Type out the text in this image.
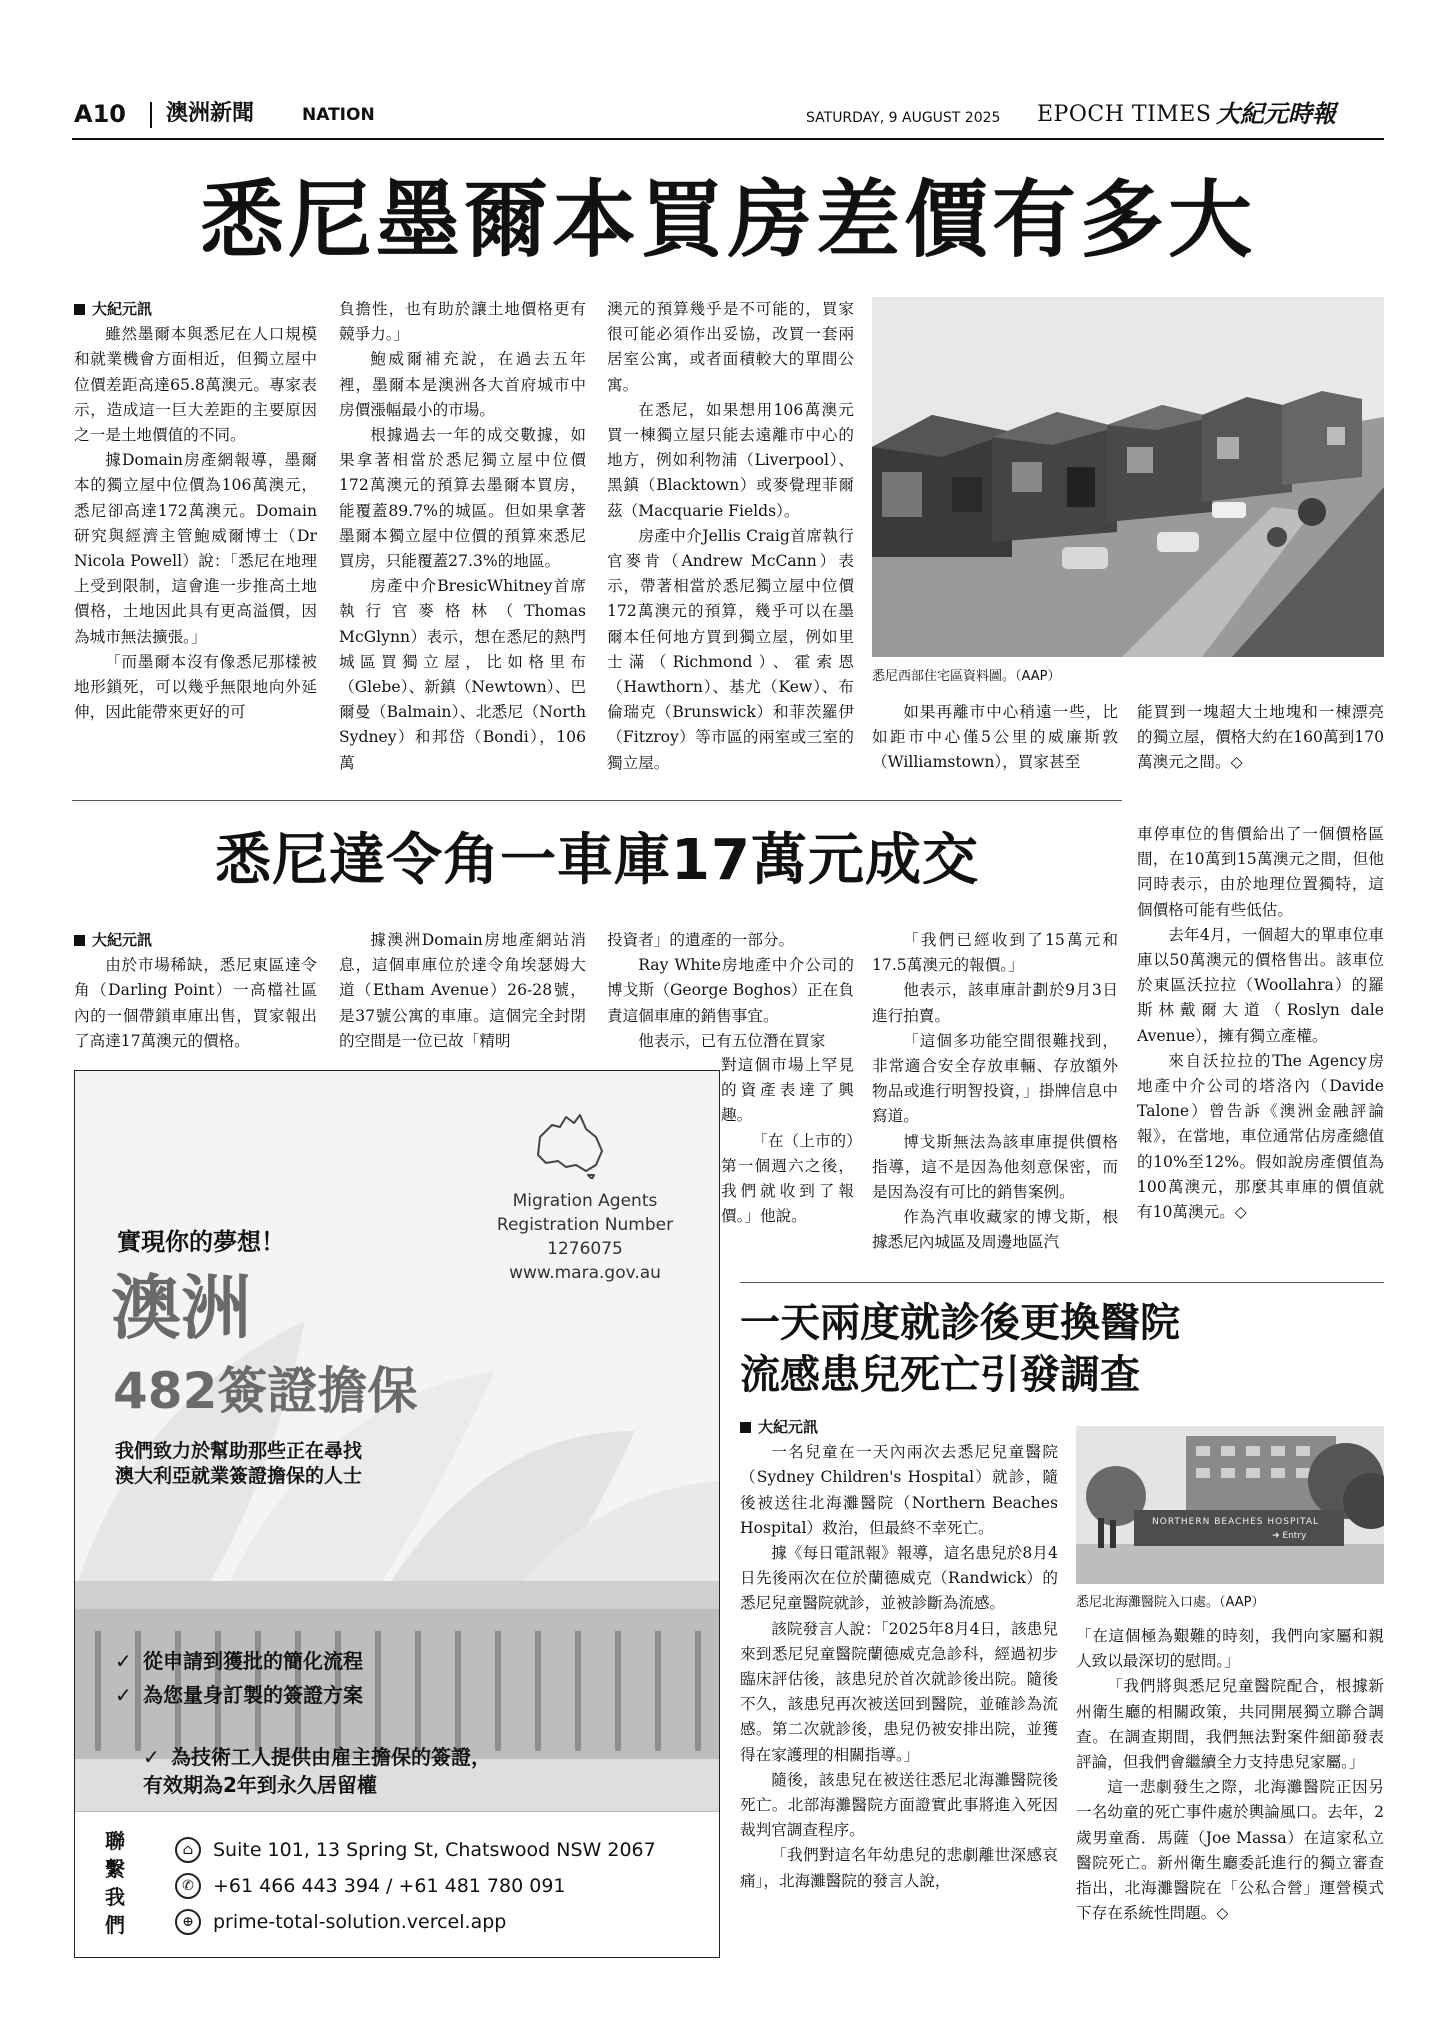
A10 澳洲新聞	NATION	SATURDAY, 9 AUGUST 2025 EPOCH TIMES 大紀元時報
悉尼墨爾本買房差價有多大
大紀元訊

雖然墨爾本與悉尼在人口規模和就業機會方面相近，但獨立屋中位價差距高達65.8萬澳元。專家表示，造成這一巨大差距的主要原因之一是土地價值的不同。

據Domain房產網報導，墨爾本的獨立屋中位價為106萬澳元，悉尼卻高達172萬澳元。Domain研究與經濟主管鮑威爾博士（Dr Nicola Powell）說：「悉尼在地理上受到限制，這會進一步推高土地價格，土地因此具有更高溢價，因為城市無法擴張。」

「而墨爾本沒有像悉尼那樣被地形鎖死，可以幾乎無限地向外延伸，因此能帶來更好的可

負擔性，也有助於讓土地價格更有競爭力。」

鮑威爾補充說，在過去五年裡，墨爾本是澳洲各大首府城市中房價漲幅最小的市場。

根據過去一年的成交數據，如果拿著相當於悉尼獨立屋中位價172萬澳元的預算去墨爾本買房，能覆蓋89.7%的城區。但如果拿著墨爾本獨立屋中位價的預算來悉尼買房，只能覆蓋27.3%的地區。

房產中介BresicWhitney首席執行官麥格林（Thomas McGlynn）表示，想在悉尼的熱門城區買獨立屋，比如格里布（Glebe）、新鎮（Newtown）、巴爾曼（Balmain）、北悉尼（North Sydney）和邦岱（Bondi），106萬

澳元的預算幾乎是不可能的，買家很可能必須作出妥協，改買一套兩居室公寓，或者面積較大的單間公寓。

在悉尼，如果想用106萬澳元買一棟獨立屋只能去遠離市中心的地方，例如利物浦（Liverpool）、黑鎮（Blacktown）或麥覺理菲爾茲（Macquarie Fields）。

房產中介Jellis Craig首席執行官麥肯（Andrew McCann）表示，帶著相當於悉尼獨立屋中位價172萬澳元的預算，幾乎可以在墨爾本任何地方買到獨立屋，例如里士滿（Richmond）、霍索恩（Hawthorn）、基尤（Kew）、布倫瑞克（Brunswick）和菲茨羅伊（Fitzroy）等市區的兩室或三室的獨立屋。

悉尼西部住宅區資料圖。（AAP）

如果再離市中心稍遠一些，比如距市中心僅5公里的威廉斯敦（Williamstown），買家甚至

能買到一塊超大土地塊和一棟漂亮的獨立屋，價格大約在160萬到170萬澳元之間。◇

悉尼達令角一車庫17萬元成交
大紀元訊

由於市場稀缺，悉尼東區達令角（Darling Point）一高檔社區內的一個帶鎖車庫出售，買家報出了高達17萬澳元的價格。

據澳洲Domain房地產網站消息，這個車庫位於達令角埃瑟姆大道（Etham Avenue）26-28號，是37號公寓的車庫。這個完全封閉的空間是一位已故「精明

投資者」的遺產的一部分。

Ray White房地產中介公司的博戈斯（George Boghos）正在負責這個車庫的銷售事宜。

他表示，已有五位潛在買家

對這個市場上罕見的資產表達了興趣。

「在（上市的）第一個週六之後，我們就收到了報價。」他說。

「我們已經收到了15萬元和17.5萬澳元的報價。」

他表示，該車庫計劃於9月3日進行拍賣。

「這個多功能空間很難找到，非常適合安全存放車輛、存放額外物品或進行明智投資，」掛牌信息中寫道。

博戈斯無法為該車庫提供價格指導，這不是因為他刻意保密，而是因為沒有可比的銷售案例。

作為汽車收藏家的博戈斯，根據悉尼內城區及周邊地區汽

車停車位的售價給出了一個價格區間，在10萬到15萬澳元之間，但他同時表示，由於地理位置獨特，這個價格可能有些低估。

去年4月，一個超大的單車位車庫以50萬澳元的價格售出。該車位於東區沃拉拉（Woollahra）的羅斯林戴爾大道（Roslyn dale Avenue），擁有獨立產權。

來自沃拉拉的The Agency房地產中介公司的塔洛內（Davide Talone）曾告訴《澳洲金融評論報》，在當地，車位通常佔房產總值的10%至12%。假如說房產價值為100萬澳元，那麼其車庫的價值就有10萬澳元。◇

Migration Agents
Registration Number
1276075
www.mara.gov.au
實現你的夢想！
澳洲
482簽證擔保
我們致力於幫助那些正在尋找
澳大利亞就業簽證擔保的人士
✓ 從申請到獲批的簡化流程
✓ 為您量身訂製的簽證方案

✓ 為技術工人提供由雇主擔保的簽證，
有效期為2年到永久居留權

聯
繫
我
們
⌂	Suite 101, 13 Spring St, Chatswood NSW 2067
✆	+61 466 443 394 / +61 481 780 091
⊕	prime-total-solution.vercel.app
一天兩度就診後更換醫院
流感患兒死亡引發調查
大紀元訊

一名兒童在一天內兩次去悉尼兒童醫院（Sydney Children's Hospital）就診，隨後被送往北海灘醫院（Northern Beaches Hospital）救治，但最終不幸死亡。

據《每日電訊報》報導，這名患兒於8月4日先後兩次在位於蘭德威克（Randwick）的悉尼兒童醫院就診，並被診斷為流感。

該院發言人說：「2025年8月4日，該患兒來到悉尼兒童醫院蘭德威克急診科，經過初步臨床評估後，該患兒於首次就診後出院。隨後不久，該患兒再次被送回到醫院，並確診為流感。第二次就診後，患兒仍被安排出院，並獲得在家護理的相關指導。」

隨後，該患兒在被送往悉尼北海灘醫院後死亡。北部海灘醫院方面證實此事將進入死因裁判官調查程序。

「我們對這名年幼患兒的悲劇離世深感哀痛」，北海灘醫院的發言人說，

NORTHERN BEACHES HOSPITAL
➜ Entry
悉尼北海灘醫院入口處。（AAP）

「在這個極為艱難的時刻，我們向家屬和親人致以最深切的慰問。」

「我們將與悉尼兒童醫院配合，根據新州衛生廳的相關政策，共同開展獨立聯合調查。在調查期間，我們無法對案件細節發表評論，但我們會繼續全力支持患兒家屬。」

這一悲劇發生之際，北海灘醫院正因另一名幼童的死亡事件處於輿論風口。去年，2歲男童喬．馬薩（Joe Massa）在這家私立醫院死亡。新州衛生廳委託進行的獨立審查指出，北海灘醫院在「公私合營」運營模式下存在系統性問題。◇
